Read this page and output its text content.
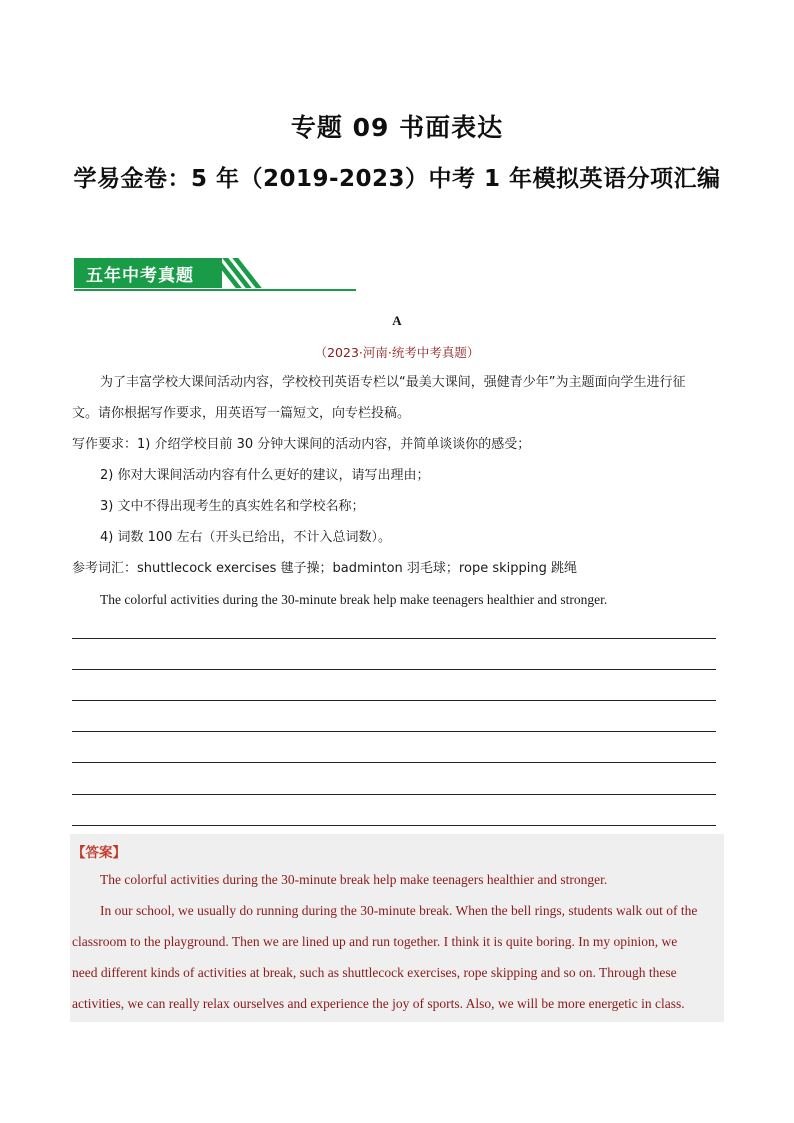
专题 09 书面表达
学易金卷：5 年（2019-2023）中考 1 年模拟英语分项汇编
五年中考真题
A
（2023·河南·统考中考真题）
为了丰富学校大课间活动内容，学校校刊英语专栏以“最美大课间，强健青少年”为主题面向学生进行征
文。请你根据写作要求，用英语写一篇短文，向专栏投稿。
写作要求：1) 介绍学校目前 30 分钟大课间的活动内容，并简单谈谈你的感受；
2) 你对大课间活动内容有什么更好的建议，请写出理由；
3) 文中不得出现考生的真实姓名和学校名称；
4) 词数 100 左右（开头已给出，不计入总词数）。
参考词汇：shuttlecock exercises 毽子操；badminton 羽毛球；rope skipping 跳绳
The colorful activities during the 30-minute break help make teenagers healthier and stronger.
【答案】
The colorful activities during the 30-minute break help make teenagers healthier and stronger.
In our school, we usually do running during the 30-minute break. When the bell rings, students walk out of the
classroom to the playground. Then we are lined up and run together. I think it is quite boring. In my opinion, we
need different kinds of activities at break, such as shuttlecock exercises, rope skipping and so on. Through these
activities, we can really relax ourselves and experience the joy of sports. Also, we will be more energetic in class.
